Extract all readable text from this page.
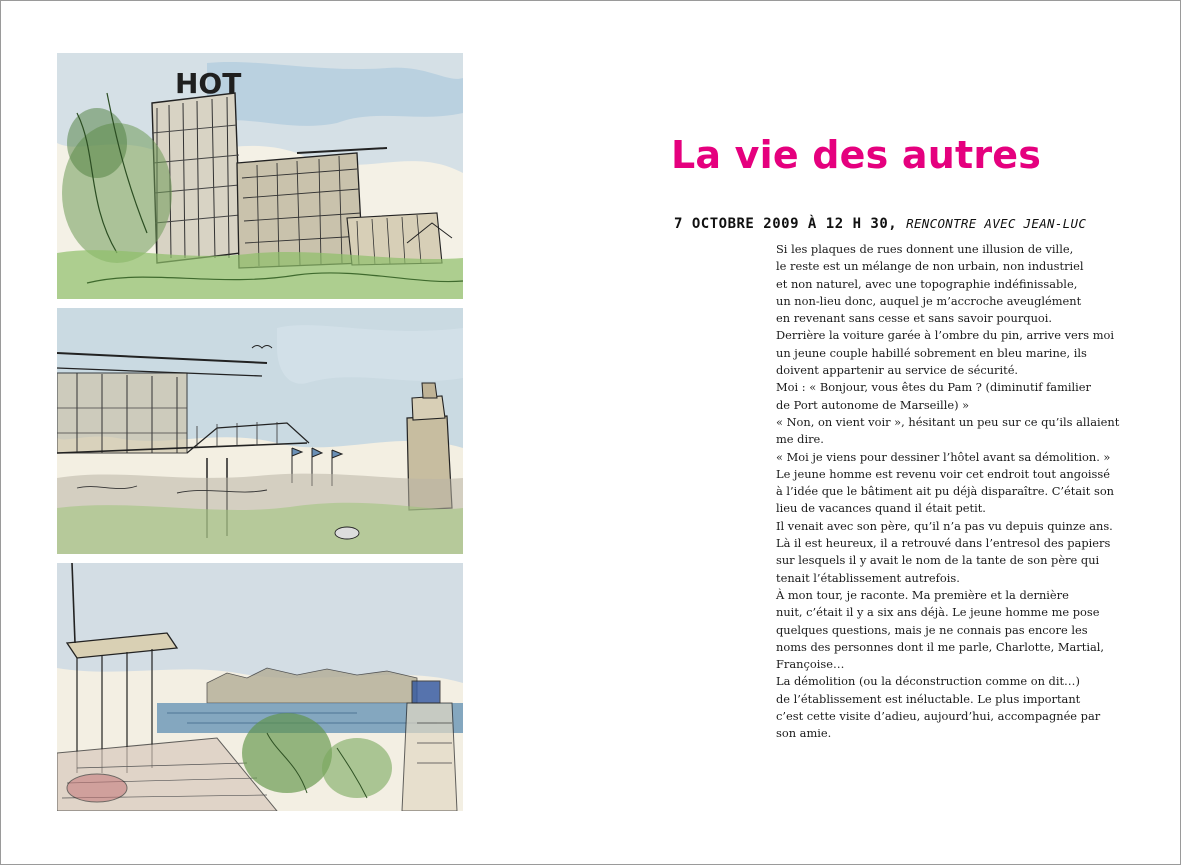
HOT
La vie des autres
7 OCTOBRE 2009 À 12 H 30, RENCONTRE AVEC JEAN-LUC
Si les plaques de rues donnent une illusion de ville,
le reste est un mélange de non urbain, non industriel
et non naturel, avec une topographie indéfinissable,
un non-lieu donc, auquel je m’accroche aveuglément
en revenant sans cesse et sans savoir pourquoi.
Derrière la voiture garée à l’ombre du pin, arrive vers moi
un jeune couple habillé sobrement en bleu marine, ils
doivent appartenir au service de sécurité.
Moi : « Bonjour, vous êtes du Pam ? (diminutif familier
de Port autonome de Marseille) »
« Non, on vient voir », hésitant un peu sur ce qu’ils allaient
me dire.
« Moi je viens pour dessiner l’hôtel avant sa démolition. »
Le jeune homme est revenu voir cet endroit tout angoissé
à l’idée que le bâtiment ait pu déjà disparaître. C’était son
lieu de vacances quand il était petit.
Il venait avec son père, qu’il n’a pas vu depuis quinze ans.
Là il est heureux, il a retrouvé dans l’entresol des papiers
sur lesquels il y avait le nom de la tante de son père qui
tenait l’établissement autrefois.
À mon tour, je raconte. Ma première et la dernière
nuit, c’était il y a six ans déjà. Le jeune homme me pose
quelques questions, mais je ne connais pas encore les
noms des personnes dont il me parle, Charlotte, Martial,
Françoise…
La démolition (ou la déconstruction comme on dit…)
de l’établissement est inéluctable. Le plus important
c’est cette visite d’adieu, aujourd’hui, accompagnée par
son amie.
